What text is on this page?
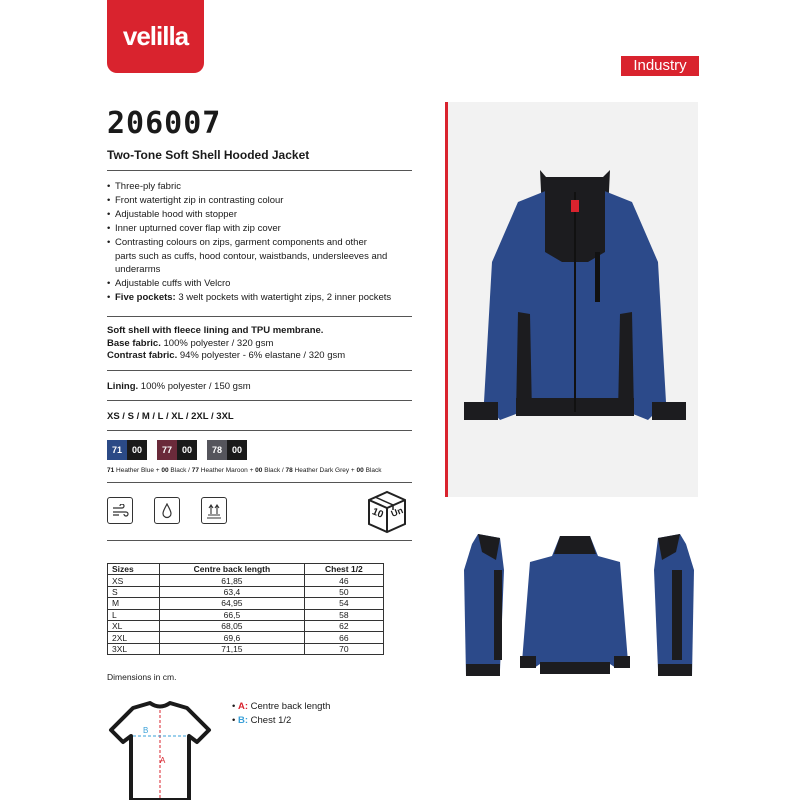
velilla
Industry
206007
Two-Tone Soft Shell Hooded Jacket
• Three-ply fabric
• Front watertight zip in contrasting colour
• Adjustable hood with stopper
• Inner upturned cover flap with zip cover
• Contrasting colours on zips, garment components and other
parts such as cuffs, hood contour, waistbands, undersleeves and
underarms
• Adjustable cuffs with Velcro
• Five pockets: 3 welt pockets with watertight zips, 2 inner pockets
Soft shell with fleece lining and TPU membrane.
Base fabric. 100% polyester / 320 gsm
Contrast fabric. 94% polyester - 6% elastane / 320 gsm
Lining. 100% polyester / 150 gsm
XS / S / M / L / XL / 2XL / 3XL
71	00	77	00	78	00
71 Heather Blue + 00 Black / 77 Heather Maroon + 00 Black / 78 Heather Dark Grey + 00 Black
10 Un
Sizes	Centre back length	Chest 1/2
XS	61,85	46
S	63,4	50
M	64,95	54
L	66,5	58
XL	68,05	62
2XL	69,6	66
3XL	71,15	70
Dimensions in cm.
A
B
• A: Centre back length
• B: Chest 1/2
